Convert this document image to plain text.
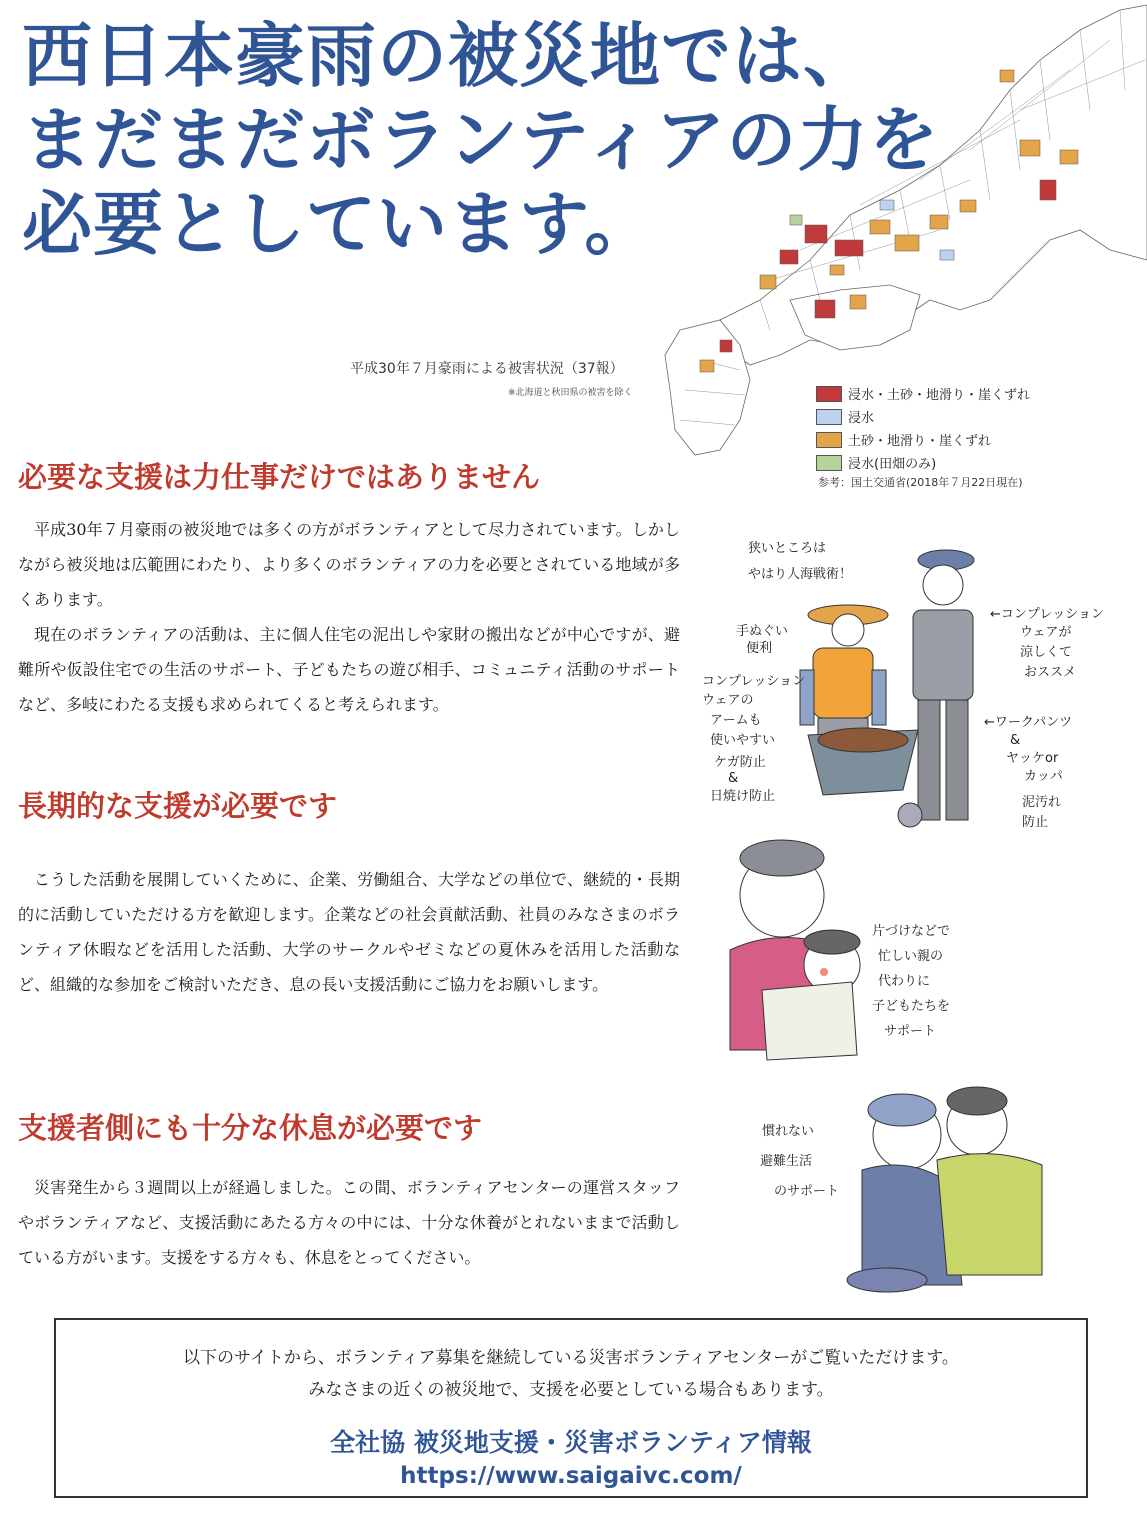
西日本豪雨の被災地では、
まだまだボランティアの力を
必要としています。
平成30年７月豪雨による被害状況（37報）
※北海道と秋田県の被害を除く	浸水・土砂・地滑り・崖くずれ
浸水
土砂・地滑り・崖くずれ
浸水(田畑のみ)
参考：国土交通省(2018年７月22日現在)
必要な支援は力仕事だけではありません

平成30年７月豪雨の被災地では多くの方がボランティアとして尽力されています。しかしながら被災地は広範囲にわたり、より多くのボランティアの力を必要とされている地域が多くあります。

現在のボランティアの活動は、主に個人住宅の泥出しや家財の搬出などが中心ですが、避難所や仮設住宅での生活のサポート、子どもたちの遊び相手、コミュニティ活動のサポートなど、多岐にわたる支援も求められてくると考えられます。

長期的な支援が必要です

こうした活動を展開していくために、企業、労働組合、大学などの単位で、継続的・長期的に活動していただける方を歓迎します。企業などの社会貢献活動、社員のみなさまのボランティア休暇などを活用した活動、大学のサークルやゼミなどの夏休みを活用した活動など、組織的な参加をご検討いただき、息の長い支援活動にご協力をお願いします。

支援者側にも十分な休息が必要です

災害発生から３週間以上が経過しました。この間、ボランティアセンターの運営スタッフやボランティアなど、支援活動にあたる方々の中には、十分な休養がとれないままで活動している方がいます。支援をする方々も、休息をとってください。

狭いところは
やはり人海戦術！
手ぬぐい
便利
コンプレッション
ウェアの
アームも
使いやすい
ケガ防止
&
日焼け防止
←コンプレッション
ウェアが
涼しくて
おススメ
←ワークパンツ
&
ヤッケor
カッパ
泥汚れ
防止
片づけなどで
忙しい親の
代わりに
子どもたちを
サポート
慣れない
避難生活
のサポート

以下のサイトから、ボランティア募集を継続している災害ボランティアセンターがご覧いただけます。

みなさまの近くの被災地で、支援を必要としている場合もあります。

全社協 被災地支援・災害ボランティア情報

https://www.saigaivc.com/
